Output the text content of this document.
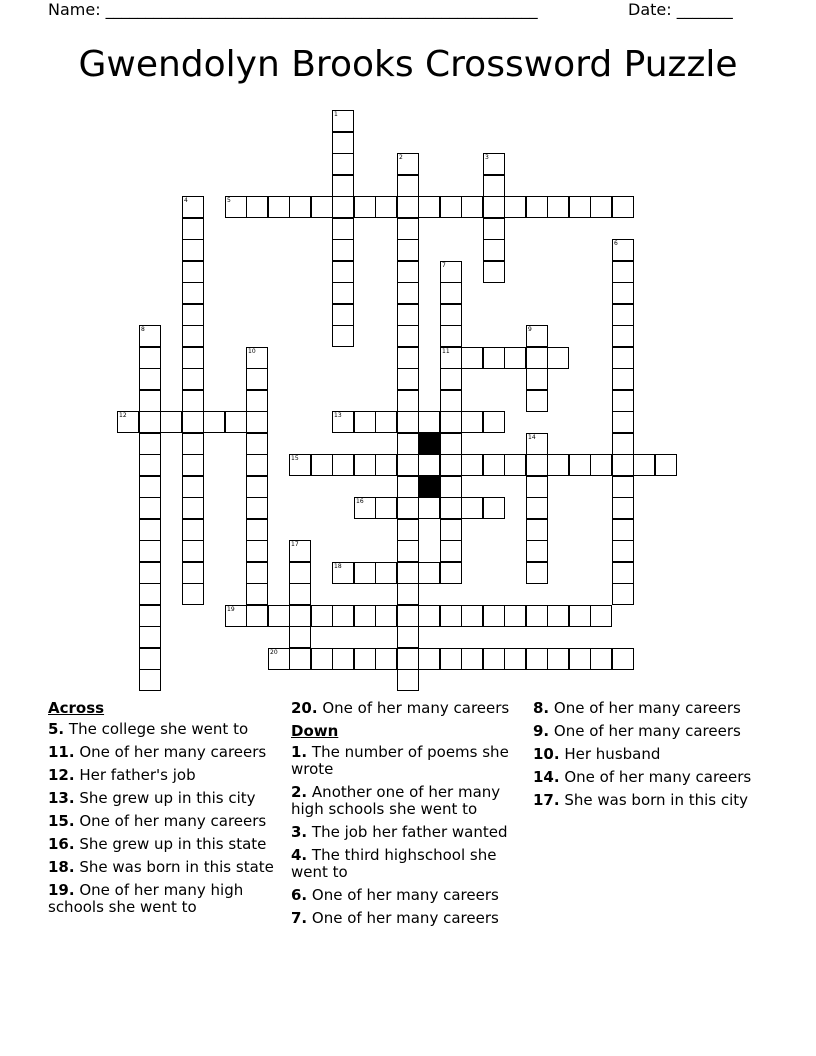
Name: ______________________________________________________	Date: _______
Gwendolyn Brooks Crossword Puzzle
5
11
12	13
15
16
18
19
20
1
2	3
4
6
7
8	9
10
14
17
Across
5. The college she went to
11. One of her many careers
12. Her father's job
13. She grew up in this city
15. One of her many careers
16. She grew up in this state
18. She was born in this state
19. One of her many high schools she went to
20. One of her many careers
Down
1. The number of poems she wrote
2. Another one of her many high schools she went to
3. The job her father wanted
4. The third highschool she went to
6. One of her many careers
7. One of her many careers
8. One of her many careers
9. One of her many careers
10. Her husband
14. One of her many careers
17. She was born in this city
